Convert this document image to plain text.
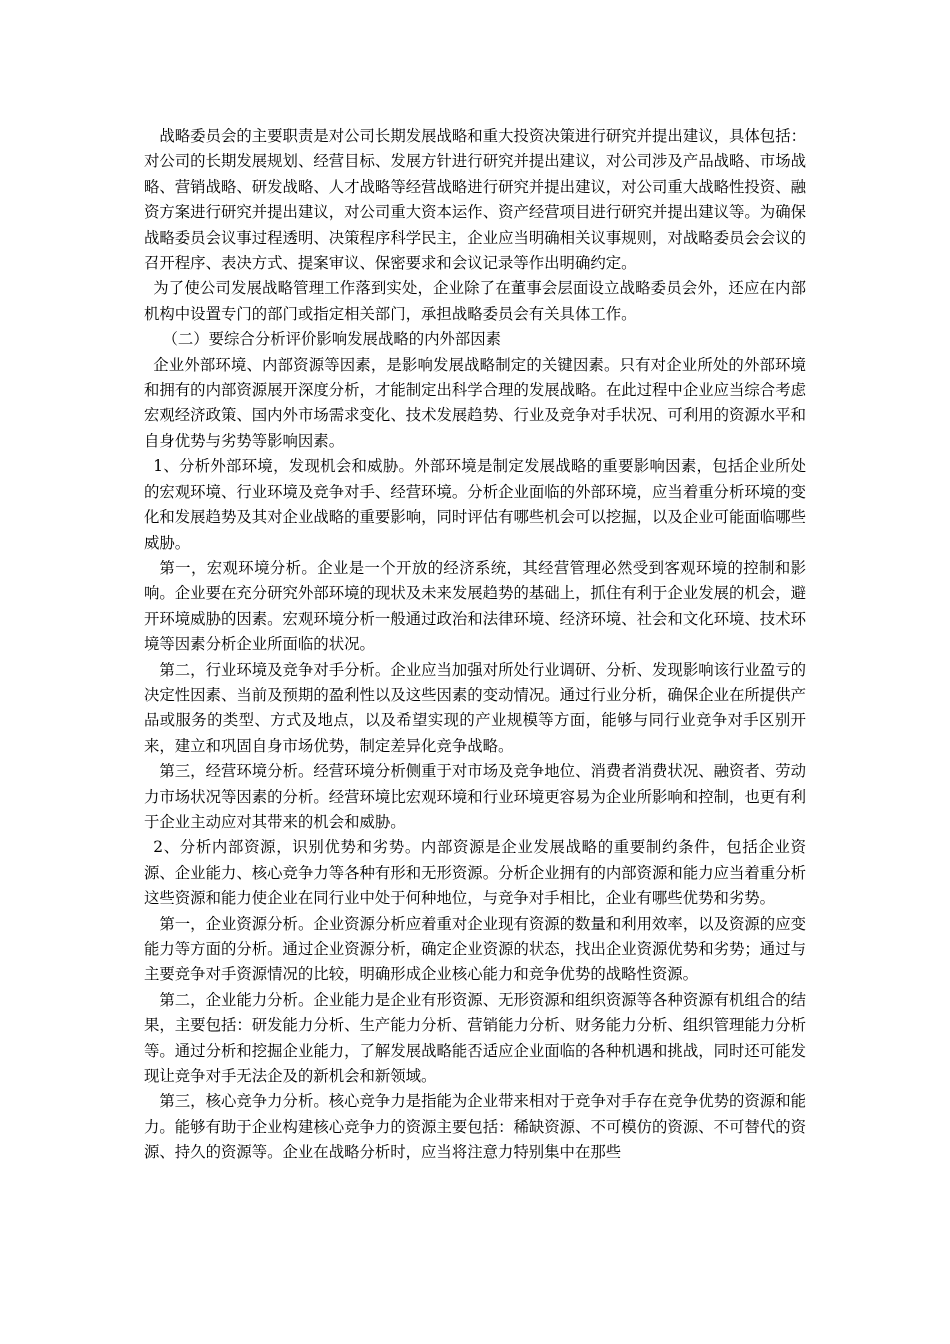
战略委员会的主要职责是对公司长期发展战略和重大投资决策进行研究并提出建议，具体包括：对公司的长期发展规划、经营目标、发展方针进行研究并提出建议，对公司涉及产品战略、市场战略、营销战略、研发战略、人才战略等经营战略进行研究并提出建议，对公司重大战略性投资、融资方案进行研究并提出建议，对公司重大资本运作、资产经营项目进行研究并提出建议等。为确保战略委员会议事过程透明、决策程序科学民主，企业应当明确相关议事规则，对战略委员会会议的召开程序、表决方式、提案审议、保密要求和会议记录等作出明确约定。

为了使公司发展战略管理工作落到实处，企业除了在董事会层面设立战略委员会外，还应在内部机构中设置专门的部门或指定相关部门，承担战略委员会有关具体工作。

（二）要综合分析评价影响发展战略的内外部因素

企业外部环境、内部资源等因素，是影响发展战略制定的关键因素。只有对企业所处的外部环境和拥有的内部资源展开深度分析，才能制定出科学合理的发展战略。在此过程中企业应当综合考虑宏观经济政策、国内外市场需求变化、技术发展趋势、行业及竞争对手状况、可利用的资源水平和自身优势与劣势等影响因素。

1、分析外部环境，发现机会和威胁。外部环境是制定发展战略的重要影响因素，包括企业所处的宏观环境、行业环境及竞争对手、经营环境。分析企业面临的外部环境，应当着重分析环境的变化和发展趋势及其对企业战略的重要影响，同时评估有哪些机会可以挖掘，以及企业可能面临哪些威胁。

第一，宏观环境分析。企业是一个开放的经济系统，其经营管理必然受到客观环境的控制和影响。企业要在充分研究外部环境的现状及未来发展趋势的基础上，抓住有利于企业发展的机会，避开环境威胁的因素。宏观环境分析一般通过政治和法律环境、经济环境、社会和文化环境、技术环境等因素分析企业所面临的状况。

第二，行业环境及竞争对手分析。企业应当加强对所处行业调研、分析、发现影响该行业盈亏的决定性因素、当前及预期的盈利性以及这些因素的变动情况。通过行业分析，确保企业在所提供产品或服务的类型、方式及地点，以及希望实现的产业规模等方面，能够与同行业竞争对手区别开来，建立和巩固自身市场优势，制定差异化竞争战略。

第三，经营环境分析。经营环境分析侧重于对市场及竞争地位、消费者消费状况、融资者、劳动力市场状况等因素的分析。经营环境比宏观环境和行业环境更容易为企业所影响和控制，也更有利于企业主动应对其带来的机会和威胁。

2、分析内部资源，识别优势和劣势。内部资源是企业发展战略的重要制约条件，包括企业资源、企业能力、核心竞争力等各种有形和无形资源。分析企业拥有的内部资源和能力应当着重分析这些资源和能力使企业在同行业中处于何种地位，与竞争对手相比，企业有哪些优势和劣势。

第一，企业资源分析。企业资源分析应着重对企业现有资源的数量和利用效率，以及资源的应变能力等方面的分析。通过企业资源分析，确定企业资源的状态，找出企业资源优势和劣势；通过与主要竞争对手资源情况的比较，明确形成企业核心能力和竞争优势的战略性资源。

第二，企业能力分析。企业能力是企业有形资源、无形资源和组织资源等各种资源有机组合的结果，主要包括：研发能力分析、生产能力分析、营销能力分析、财务能力分析、组织管理能力分析等。通过分析和挖掘企业能力，了解发展战略能否适应企业面临的各种机遇和挑战，同时还可能发现让竞争对手无法企及的新机会和新领域。

第三，核心竞争力分析。核心竞争力是指能为企业带来相对于竞争对手存在竞争优势的资源和能力。能够有助于企业构建核心竞争力的资源主要包括：稀缺资源、不可模仿的资源、不可替代的资源、持久的资源等。企业在战略分析时，应当将注意力特别集中在那些
